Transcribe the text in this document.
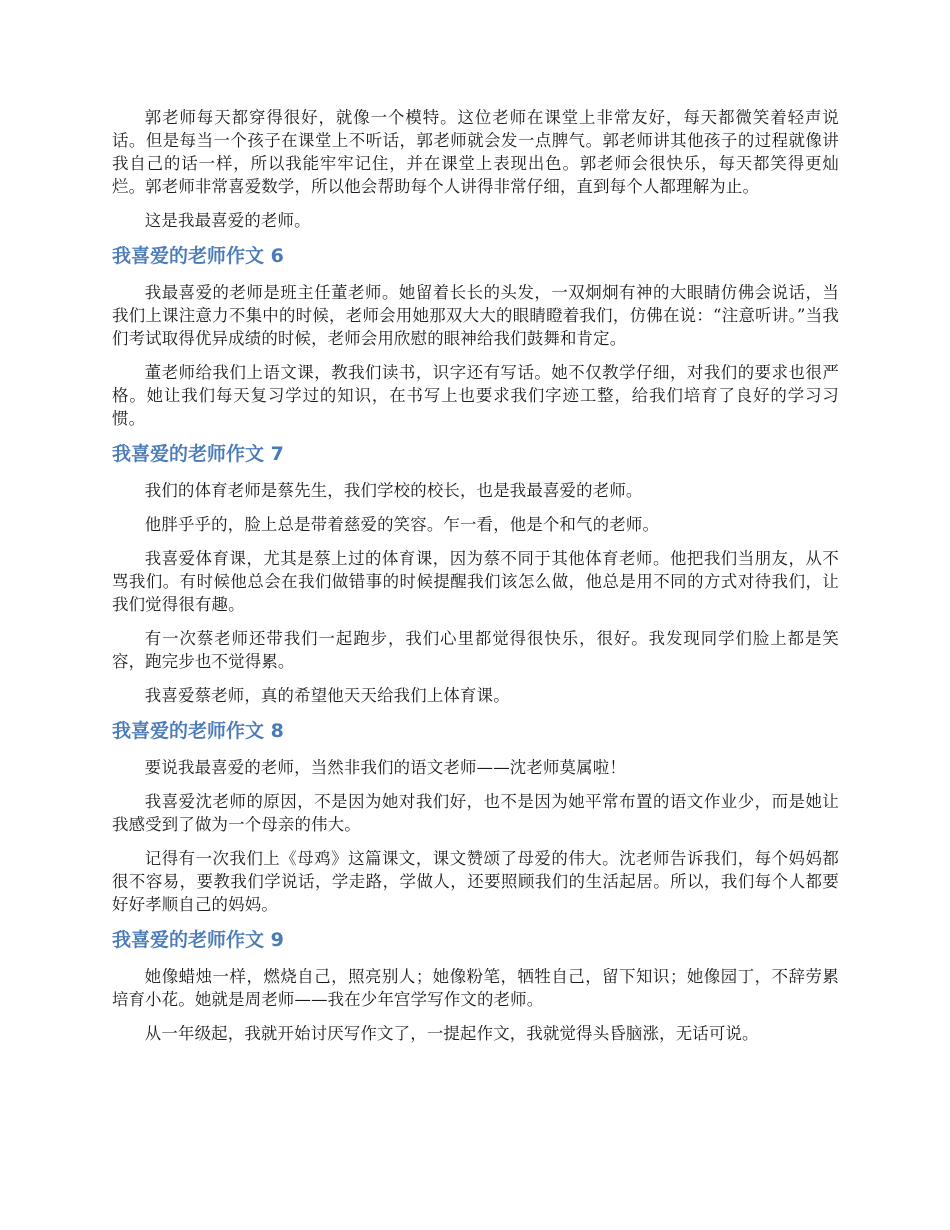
郭老师每天都穿得很好，就像一个模特。这位老师在课堂上非常友好，每天都微笑着轻声说话。但是每当一个孩子在课堂上不听话，郭老师就会发一点脾气。郭老师讲其他孩子的过程就像讲我自己的话一样，所以我能牢牢记住，并在课堂上表现出色。郭老师会很快乐，每天都笑得更灿烂。郭老师非常喜爱数学，所以他会帮助每个人讲得非常仔细，直到每个人都理解为止。

这是我最喜爱的老师。

我喜爱的老师作文 6

我最喜爱的老师是班主任董老师。她留着长长的头发，一双炯炯有神的大眼睛仿佛会说话，当我们上课注意力不集中的时候，老师会用她那双大大的眼睛瞪着我们，仿佛在说：“注意听讲。”当我 们考试取得优异成绩的时候，老师会用欣慰的眼神给我们鼓舞和肯定。

董老师给我们上语文课，教我们读书，识字还有写话。她不仅教学仔细，对我们的要求也很严格。她让我们每天复习学过的知识，在书写上也要求我们字迹工整，给我们培育了良好的学习习惯。

我喜爱的老师作文 7

我们的体育老师是蔡先生，我们学校的校长，也是我最喜爱的老师。

他胖乎乎的，脸上总是带着慈爱的笑容。乍一看，他是个和气的老师。

我喜爱体育课，尤其是蔡上过的体育课，因为蔡不同于其他体育老师。他把我们当朋友，从不骂我们。有时候他总会在我们做错事的时候提醒我们该怎么做，他总是用不同的方式对待我们，让我们觉得很有趣。

有一次蔡老师还带我们一起跑步，我们心里都觉得很快乐，很好。我发现同学们脸上都是笑容，跑完步也不觉得累。

我喜爱蔡老师，真的希望他天天给我们上体育课。

我喜爱的老师作文 8

要说我最喜爱的老师，当然非我们的语文老师——沈老师莫属啦！

我喜爱沈老师的原因，不是因为她对我们好，也不是因为她平常布置的语文作业少，而是她让我感受到了做为一个母亲的伟大。

记得有一次我们上《母鸡》这篇课文，课文赞颂了母爱的伟大。沈老师告诉我们，每个妈妈都很不容易，要教我们学说话，学走路，学做人，还要照顾我们的生活起居。所以，我们每个人都要好好孝顺自己的妈妈。

我喜爱的老师作文 9

她像蜡烛一样，燃烧自己，照亮别人；她像粉笔，牺牲自己，留下知识；她像园丁，不辞劳累培育小花。她就是周老师——我在少年宫学写作文的老师。

从一年级起，我就开始讨厌写作文了，一提起作文，我就觉得头昏脑涨，无话可说。
